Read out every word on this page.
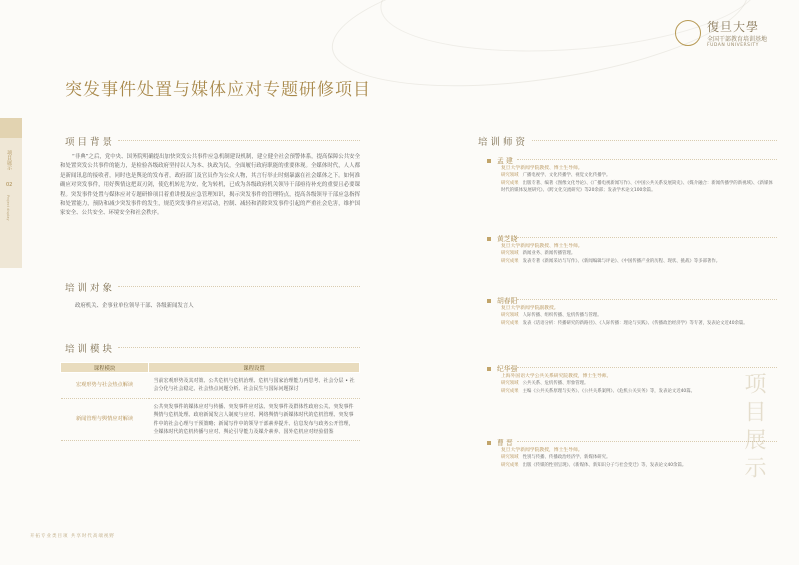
復旦大學
全国干部教育培训基地
FUDAN UNIVERSITY
突发事件处置与媒体应对专题研修项目
项目展示
02
Project display
项目背景
“非典”之后，党中央、国务院明确提出加快突发公共事件应急机制建设机制，建立健全社会预警体系，提高保障公共安全和处置突发公共事件的能力，是检验各级政府坚持以人为本、执政为民，全面履行政府职能的重要体现。全媒体时代，人人都是新闻讯息的接收者，同时也是舆论的发布者，政府部门及官员作为公众人物，其言行举止时刻暴露在社会媒体之下。如何准确应对突发事件，用好舆情这把双刃剑，使危机转危为安，化为转机，已成为各级政府机关领导干部亟待补充的重要且必要课程。突发事件处置与媒体应对专题研修项目着重讲授及应急管理知识，揭示突发事件的管理特点，提高各级领导干部应急指挥和处置能力，预防和减少突发事件的发生，规范突发事件应对活动，控制、减轻和消除突发事件引起的严重社会危害，维护国家安全、公共安全、环境安全和社会秩序。
培训对象
政府机关、企事业单位领导干部、各级新闻发言人
培训模块
课程模块	课程设置
宏观形势与社会热点解读	当前宏观形势及其对策、公共危机与危机治理、危机与国家治理能力再思考、社会分层 • 社会分化与社会稳定、社会热点问题分析、社会民生与国际问题探讨
新闻管理与舆情应对解读	公共突发事件的媒体应对与传播、突发事件应对法、突发事件及群体性政府公关、突发事件舆情与危机处理、政府新闻发言人制度与应对、网络舆情与新媒体时代的危机管理、突发事件中的社会心理与干预策略；新闻写作中的领导干部素养提升、信息发布与政务公开管理，全媒体时代的危机传播与应对、舆论引导能力及媒介素养、国外危机应对经验借鉴
培训师资
孟 建
复旦大学新闻学院教授、博士生导师。
研究领域 广播电视学、文化传播学、视觉文化传播学。
研究成果 出版专著、编著《图像文化导论》、《广播电视新闻写作》、《中国公共关系发展简史》、《媒介融合：新闻传播学的新视域》、《新媒体时代的媒体发展研究》、《跨文化交流研究》等20余部；发表学术论文100余篇。
黄芝晓
复旦大学新闻学院教授、博士生导师。
研究领域 新闻业务、新闻传播管理。
研究成果 发表专著《新闻采访与写作》、《新闻编辑与评论》、《中国传播产业的历程、现状、挑战》等多部著作。
胡春阳
复旦大学新闻学院副教授。
研究领域 人际传播、组织传播、危机传播与管理。
研究成果 发表《话语分析：传播研究的新路径》、《人际传播：理论与实践》、《传播政治经济学》等专著，发表论文近40余篇。
纪华强
上海外国语大学公共关系研究院教授，博士生导师。
研究领域 公共关系、危机传播、形象管理。
研究成果 主编《公共关系原理与实务》、《公共关系案例》、《危机公关实务》等，发表论文近40篇。
曹 晋
复旦大学新闻学院教授，博士生导师。
研究领域 性别与传播、传播政治经济学、新媒体研究。
研究成果 出版《传媒的性别呈现》、《新媒体、新知识分子与社会变迁》等，发表论文40余篇。	项目展示
开拓专业类目项 共享时代高端视野
